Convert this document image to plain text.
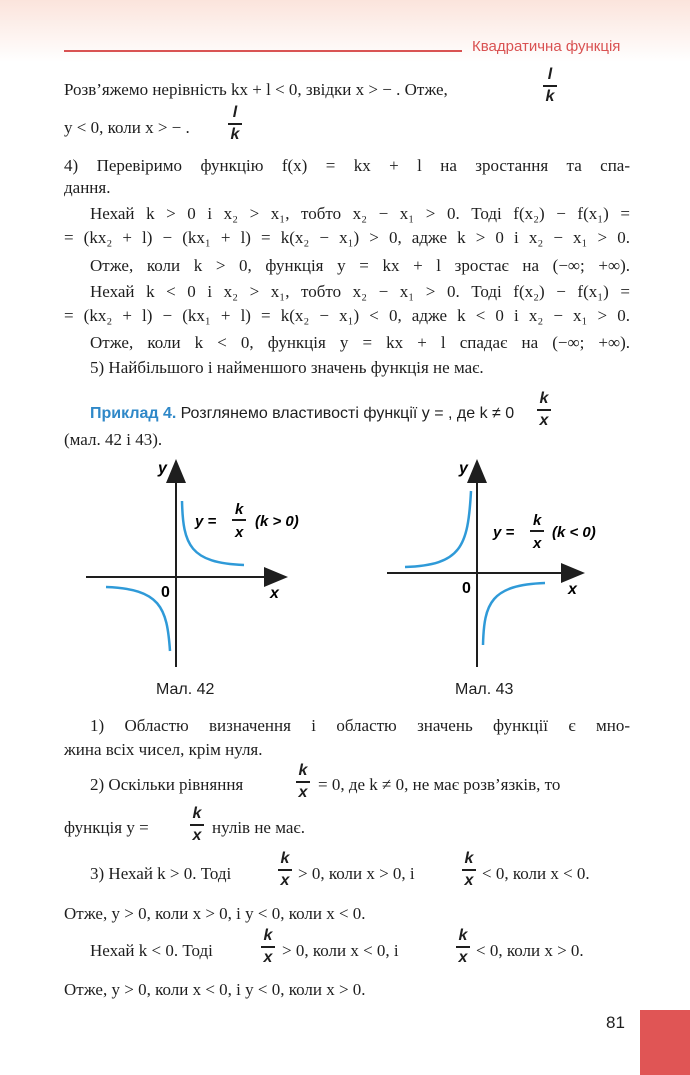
Квадратична функція
Розв’яжемо нерівність kx + l < 0, звідки x > − . Отже,
l
k
y < 0, коли x > − .
l
k
4) Перевіримо функцію f(x) = kx + l на зростання та спа-
дання.
Нехай k > 0 і x₂ > x₁, тобто x₂ − x₁ > 0. Тоді f(x₂) − f(x₁) =
= (kx₂ + l) − (kx₁ + l) = k(x₂ − x₁) > 0, адже k > 0 і x₂ − x₁ > 0.
Отже, коли k > 0, функція y = kx + l зростає на (−∞; +∞).
Нехай k < 0 і x₂ > x₁, тобто x₂ − x₁ > 0. Тоді f(x₂) − f(x₁) =
= (kx₂ + l) − (kx₁ + l) = k(x₂ − x₁) < 0, адже k < 0 і x₂ − x₁ > 0.
Отже, коли k < 0, функція y = kx + l спадає на (−∞; +∞).
5) Найбільшого і найменшого значень функція не має.
Приклад 4. Розглянемо властивості функції y = , де k ≠ 0
k
x
(мал. 42 і 43).
y
x
0
y =
k
x
(k > 0)
Мал. 42
y
x
0
y =
k
x
(k < 0)
Мал. 43
1) Областю визначення і областю значень функції є мно-
жина всіх чисел, крім нуля.
2) Оскільки рівняння
k
x = 0, де k ≠ 0, не має розв’язків, то
функція y =
k
x нулів не має.
3) Нехай k > 0. Тоді
k
x > 0, коли x > 0, і
k
x < 0, коли x < 0.
Отже, y > 0, коли x > 0, і y < 0, коли x < 0.
Нехай k < 0. Тоді
k
x > 0, коли x < 0, і
k
x < 0, коли x > 0.
Отже, y > 0, коли x < 0, і y < 0, коли x > 0.
81
